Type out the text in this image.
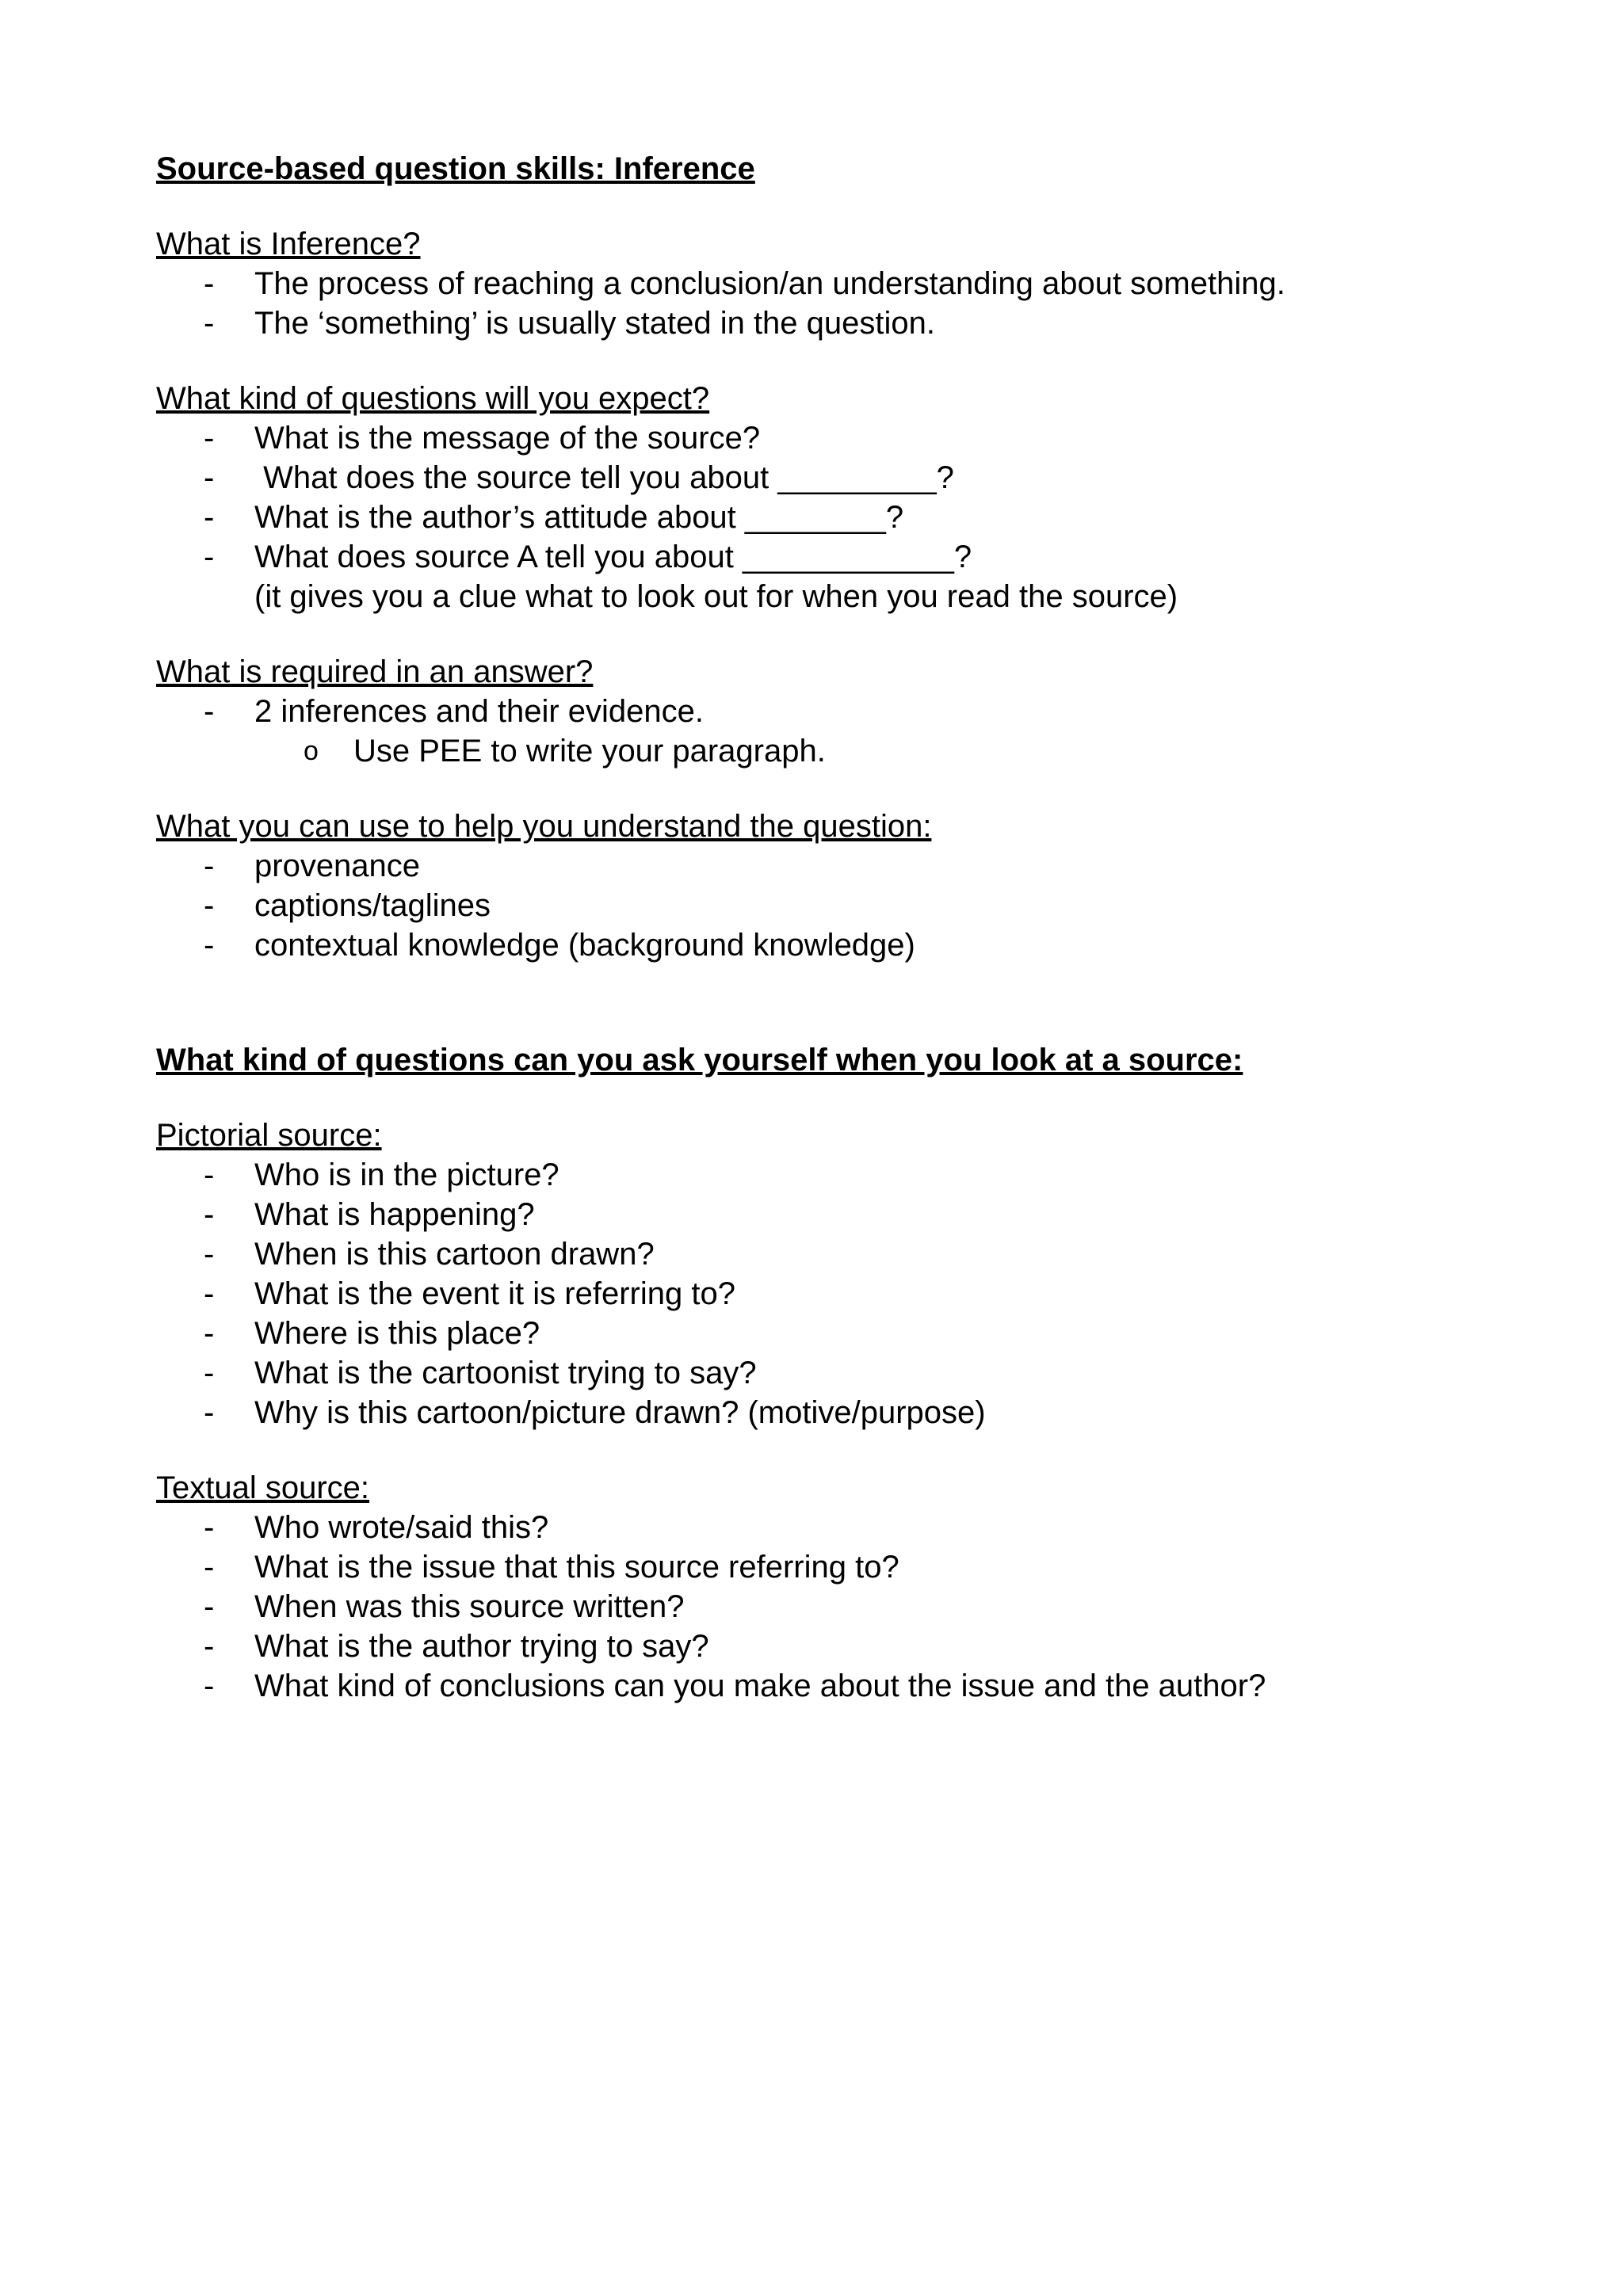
Source-based question skills: Inference

What is Inference?

-	The process of reaching a conclusion/an understanding about something.
-	The ‘something’ is usually stated in the question.

What kind of questions will you expect?

-	What is the message of the source?
-	What does the source tell you about _________?
-	What is the author’s attitude about ________?
-	What does source A tell you about ____________?

(it gives you a clue what to look out for when you read the source)

What is required in an answer?

-	2 inferences and their evidence.
o Use PEE to write your paragraph.

What you can use to help you understand the question:

-	provenance
-	captions/taglines
-	contextual knowledge (background knowledge)

What kind of questions can you ask yourself when you look at a source:

Pictorial source:

-	Who is in the picture?
-	What is happening?
-	When is this cartoon drawn?
-	What is the event it is referring to?
-	Where is this place?
-	What is the cartoonist trying to say?
-	Why is this cartoon/picture drawn? (motive/purpose)

Textual source:

-	Who wrote/said this?
-	What is the issue that this source referring to?
-	When was this source written?
-	What is the author trying to say?
-	What kind of conclusions can you make about the issue and the author?
